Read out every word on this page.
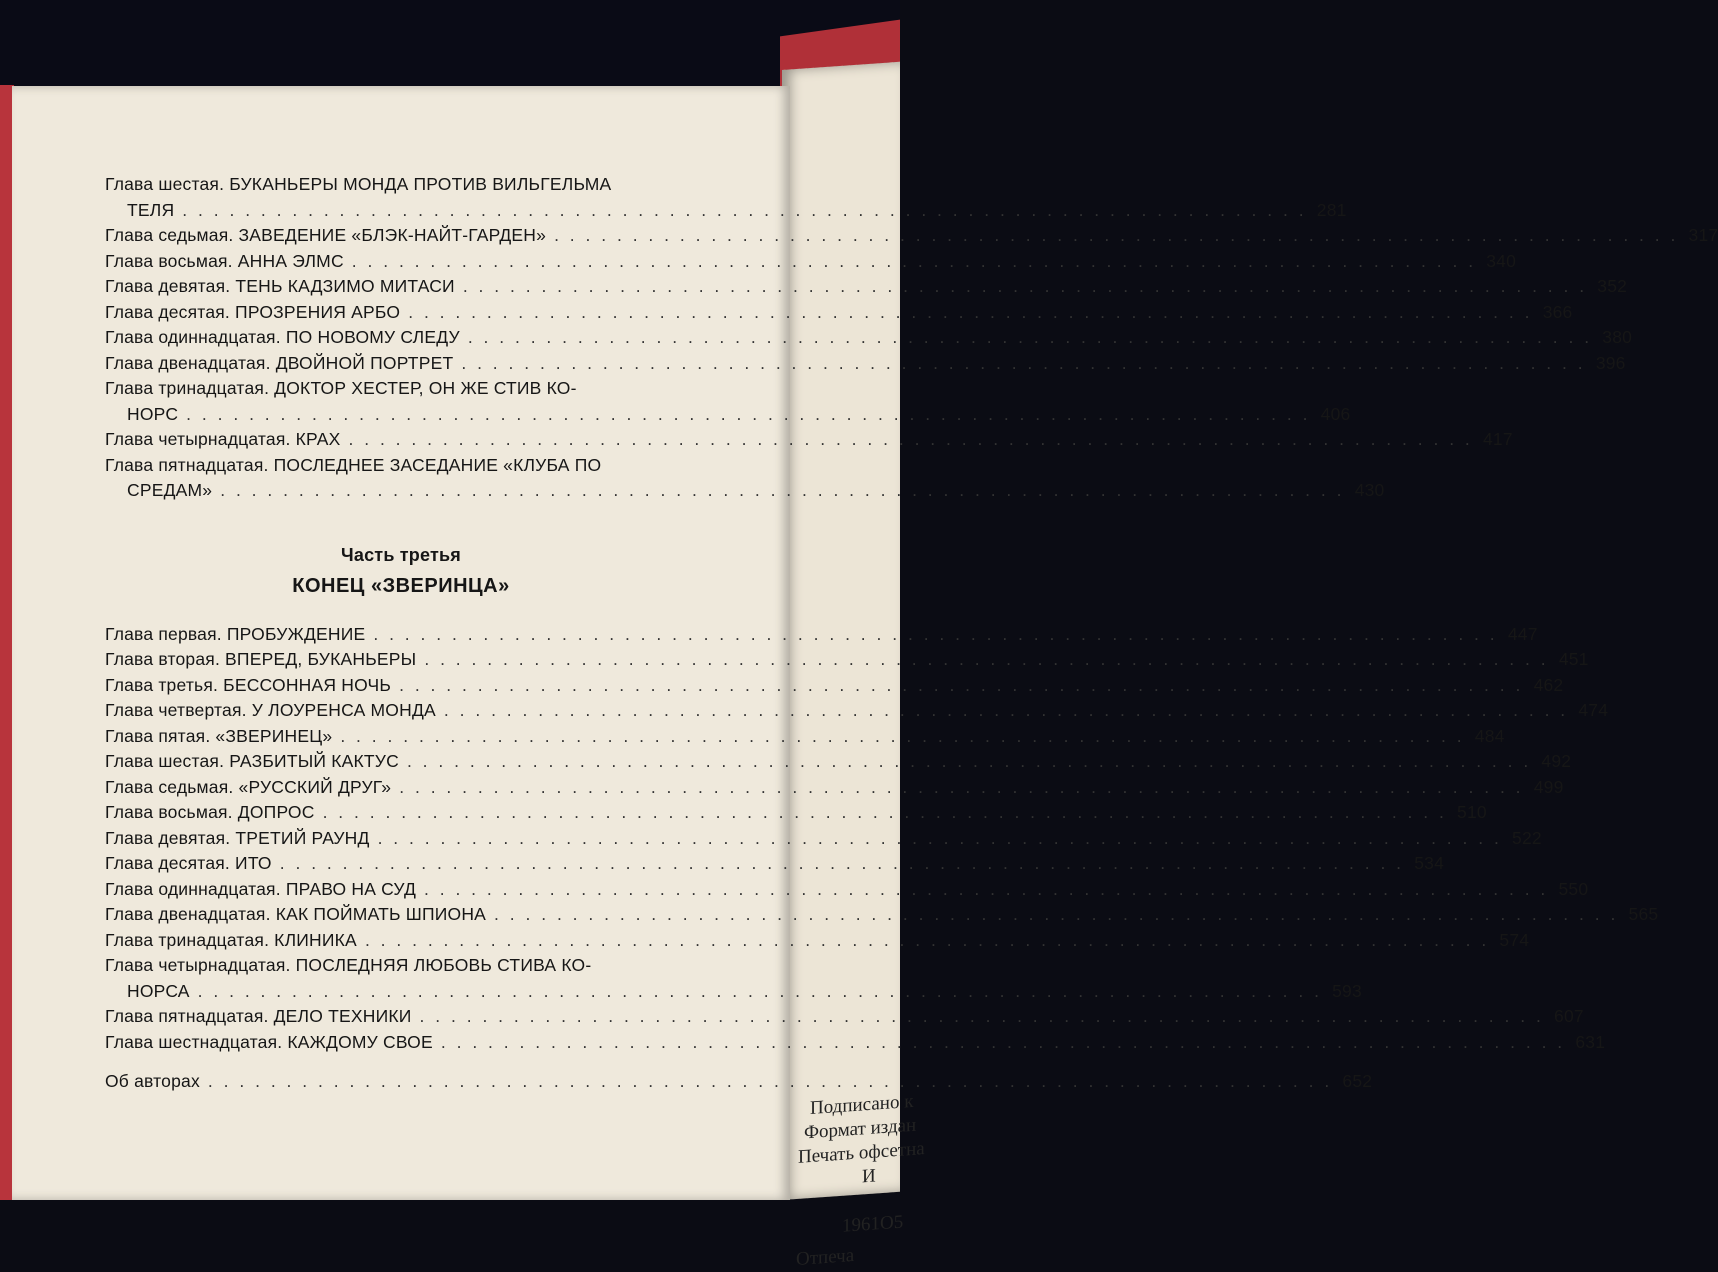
Подписано к
Формат издан
Печать офсетна
И
1961О5
Отпеча
Глава шестая. БУКАНЬЕРЫ МОНДА ПРОТИВ ВИЛЬГЕЛЬМА
ТЕЛЯ . . .	281
Глава седьмая. ЗАВЕДЕНИЕ «БЛЭК-НАЙТ-ГАРДЕН» . . .	317
Глава восьмая. АННА ЭЛМС . . .	340
Глава девятая. ТЕНЬ КАДЗИМО МИТАСИ . . .	352
Глава десятая. ПРОЗРЕНИЯ АРБО . . .	366
Глава одиннадцатая. ПО НОВОМУ СЛЕДУ . . .	380
Глава двенадцатая. ДВОЙНОЙ ПОРТРЕТ . . .	396
Глава тринадцатая. ДОКТОР ХЕСТЕР, ОН ЖЕ СТИВ КО-
НОРС . . .	406
Глава четырнадцатая. КРАХ . . .	417
Глава пятнадцатая. ПОСЛЕДНЕЕ ЗАСЕДАНИЕ «КЛУБА ПО
СРЕДАМ» . . .	430
Часть третья
КОНЕЦ «ЗВЕРИНЦА»
Глава первая. ПРОБУЖДЕНИЕ . . .	447
Глава вторая. ВПЕРЕД, БУКАНЬЕРЫ . . .	451
Глава третья. БЕССОННАЯ НОЧЬ . . .	462
Глава четвертая. У ЛОУРЕНСА МОНДА . . .	474
Глава пятая. «ЗВЕРИНЕЦ» . . .	484
Глава шестая. РАЗБИТЫЙ КАКТУС . . .	492
Глава седьмая. «РУССКИЙ ДРУГ» . . .	499
Глава восьмая. ДОПРОС . . .	510
Глава девятая. ТРЕТИЙ РАУНД . . .	522
Глава десятая. ИТО . . .	534
Глава одиннадцатая. ПРАВО НА СУД . . .	550
Глава двенадцатая. КАК ПОЙМАТЬ ШПИОНА . . .	565
Глава тринадцатая. КЛИНИКА . . .	574
Глава четырнадцатая. ПОСЛЕДНЯЯ ЛЮБОВЬ СТИВА КО-
НОРСА . . .	593
Глава пятнадцатая. ДЕЛО ТЕХНИКИ . . .	607
Глава шестнадцатая. КАЖДОМУ СВОЕ . . .	631
Об авторах . . .	652
